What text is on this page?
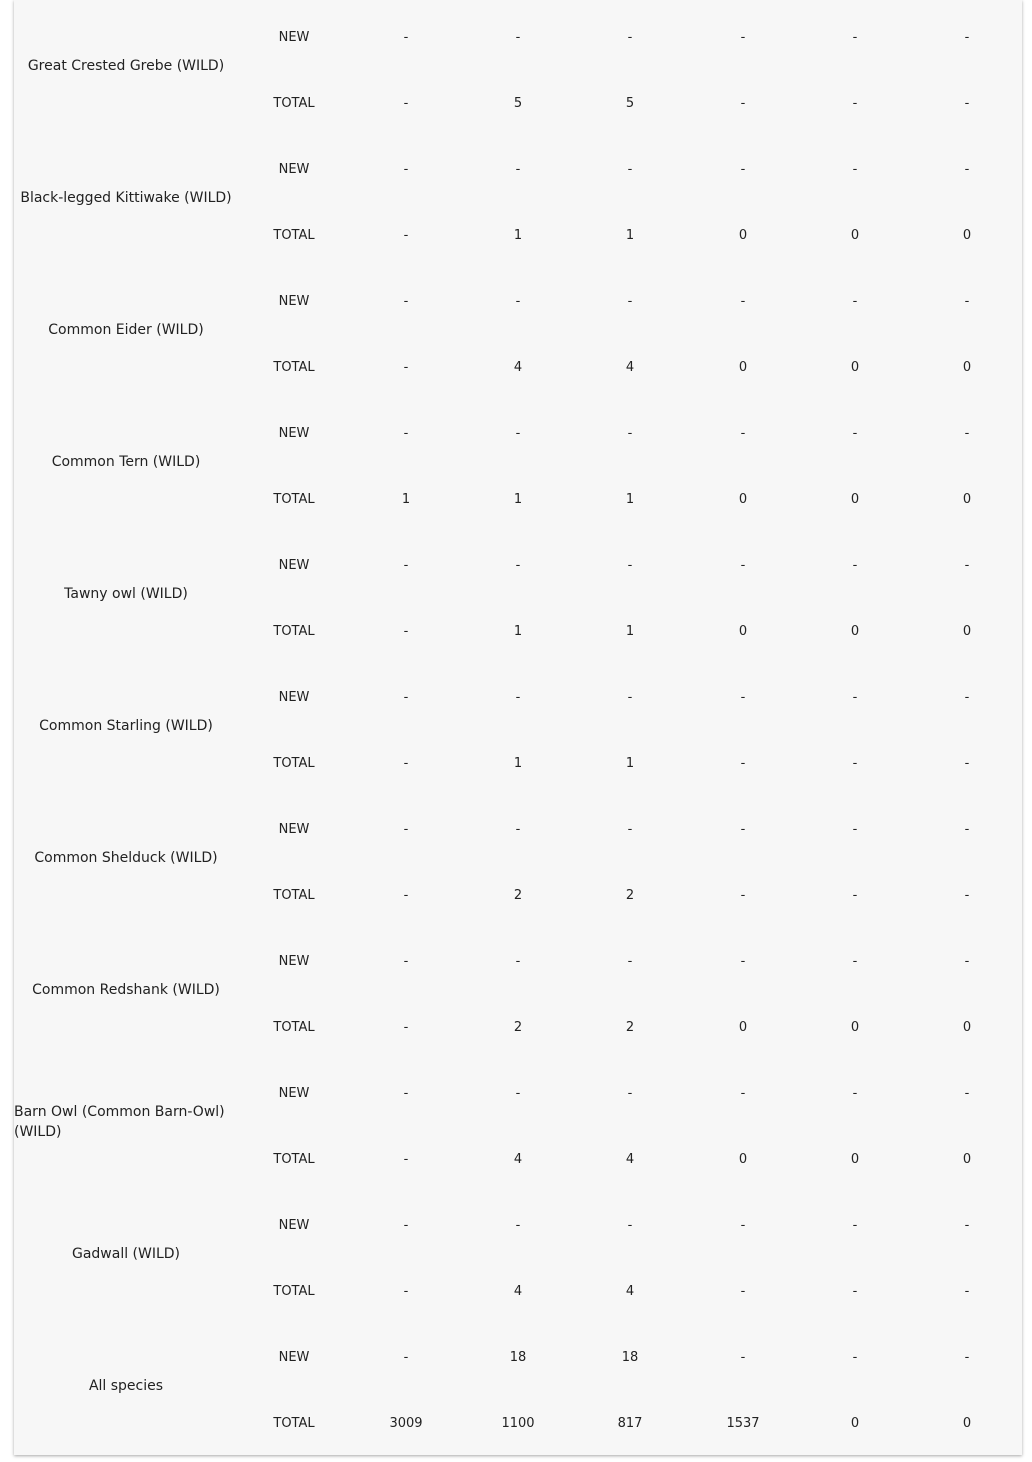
Great Crested Grebe (WILD)
NEW	-	-	-	-	-	-
TOTAL	-	5	5	-	-	-
Black-legged Kittiwake (WILD)
NEW	-	-	-	-	-	-
TOTAL	-	1	1	0	0	0
Common Eider (WILD)
NEW	-	-	-	-	-	-
TOTAL	-	4	4	0	0	0
Common Tern (WILD)
NEW	-	-	-	-	-	-
TOTAL	1	1	1	0	0	0
Tawny owl (WILD)
NEW	-	-	-	-	-	-
TOTAL	-	1	1	0	0	0
Common Starling (WILD)
NEW	-	-	-	-	-	-
TOTAL	-	1	1	-	-	-
Common Shelduck (WILD)
NEW	-	-	-	-	-	-
TOTAL	-	2	2	-	-	-
Common Redshank (WILD)
NEW	-	-	-	-	-	-
TOTAL	-	2	2	0	0	0
Barn Owl (Common Barn-Owl) (WILD)
NEW	-	-	-	-	-	-
TOTAL	-	4	4	0	0	0
Gadwall (WILD)
NEW	-	-	-	-	-	-
TOTAL	-	4	4	-	-	-
All species
NEW	-	18	18	-	-	-
TOTAL	3009	1100	817	1537	0	0
